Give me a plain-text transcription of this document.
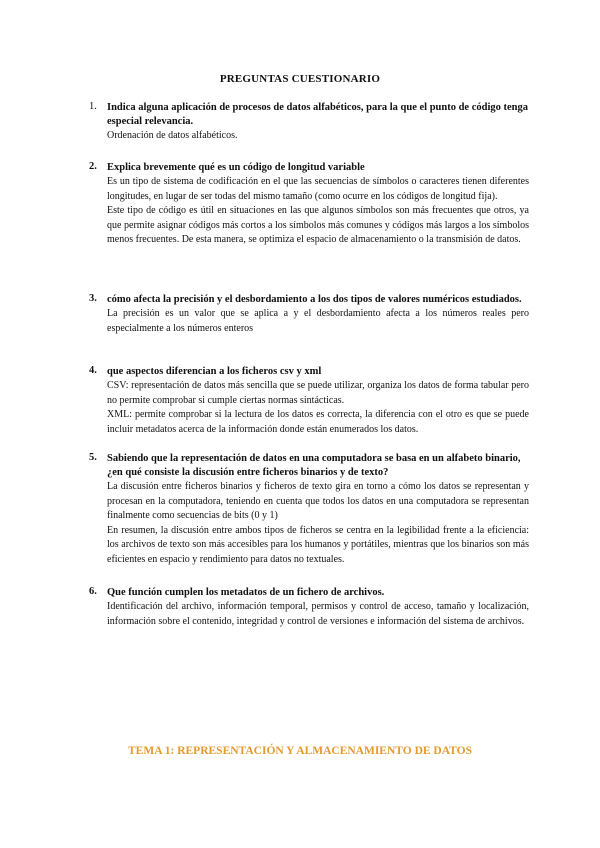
PREGUNTAS CUESTIONARIO
1. Indica alguna aplicación de procesos de datos alfabéticos, para la que el punto de código tenga especial relevancia.
Ordenación de datos alfabéticos.
2. Explica brevemente qué es un código de longitud variable
Es un tipo de sistema de codificación en el que las secuencias de símbolos o caracteres tienen diferentes longitudes, en lugar de ser todas del mismo tamaño (como ocurre en los códigos de longitud fija).
Este tipo de código es útil en situaciones en las que algunos símbolos son más frecuentes que otros, ya que permite asignar códigos más cortos a los símbolos más comunes y códigos más largos a los símbolos menos frecuentes. De esta manera, se optimiza el espacio de almacenamiento o la transmisión de datos.
3. cómo afecta la precisión y el desbordamiento a los dos tipos de valores numéricos estudiados.
La precisión es un valor que se aplica a y el desbordamiento afecta a los números reales pero especialmente a los números enteros
4. que aspectos diferencian a los ficheros csv y xml
CSV: representación de datos más sencilla que se puede utilizar, organiza los datos de forma tabular pero no permite comprobar si cumple ciertas normas sintácticas.
XML: permite comprobar si la lectura de los datos es correcta, la diferencia con el otro es que se puede incluir metadatos acerca de la información donde están enumerados los datos.
5. Sabiendo que la representación de datos en una computadora se basa en un alfabeto binario, ¿en qué consiste la discusión entre ficheros binarios y de texto?
La discusión entre ficheros binarios y ficheros de texto gira en torno a cómo los datos se representan y procesan en la computadora, teniendo en cuenta que todos los datos en una computadora se representan finalmente como secuencias de bits (0 y 1)
En resumen, la discusión entre ambos tipos de ficheros se centra en la legibilidad frente a la eficiencia: los archivos de texto son más accesibles para los humanos y portátiles, mientras que los binarios son más eficientes en espacio y rendimiento para datos no textuales.
6. Que función cumplen los metadatos de un fichero de archivos.
Identificación del archivo, información temporal, permisos y control de acceso, tamaño y localización, información sobre el contenido, integridad y control de versiones e información del sistema de archivos.
TEMA 1: REPRESENTACIÓN Y ALMACENAMIENTO DE DATOS
